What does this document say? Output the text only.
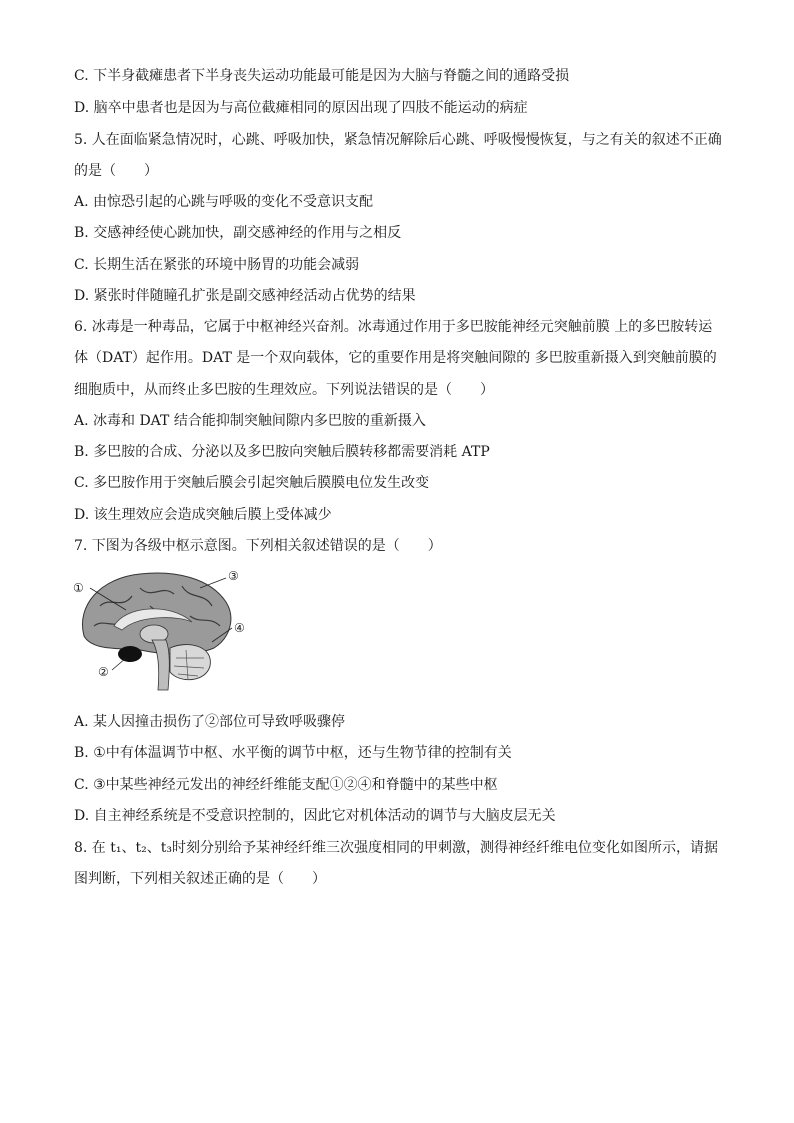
C. 下半身截瘫患者下半身丧失运动功能最可能是因为大脑与脊髓之间的通路受损
D. 脑卒中患者也是因为与高位截瘫相同的原因出现了四肢不能运动的病症
5. 人在面临紧急情况时，心跳、呼吸加快，紧急情况解除后心跳、呼吸慢慢恢复，与之有关的叙述不正确
的是（　　）
A. 由惊恐引起的心跳与呼吸的变化不受意识支配
B. 交感神经使心跳加快，副交感神经的作用与之相反
C. 长期生活在紧张的环境中肠胃的功能会减弱
D. 紧张时伴随瞳孔扩张是副交感神经活动占优势的结果
6. 冰毒是一种毒品，它属于中枢神经兴奋剂。冰毒通过作用于多巴胺能神经元突触前膜 上的多巴胺转运
体（DAT）起作用。DAT 是一个双向载体，它的重要作用是将突触间隙的 多巴胺重新摄入到突触前膜的
细胞质中，从而终止多巴胺的生理效应。下列说法错误的是（　　）
A. 冰毒和 DAT 结合能抑制突触间隙内多巴胺的重新摄入
B. 多巴胺的合成、分泌以及多巴胺向突触后膜转移都需要消耗 ATP
C. 多巴胺作用于突触后膜会引起突触后膜膜电位发生改变
D. 该生理效应会造成突触后膜上受体减少
7. 下图为各级中枢示意图。下列相关叙述错误的是（　　）
①
③
④
②
A. 某人因撞击损伤了②部位可导致呼吸骤停
B. ①中有体温调节中枢、水平衡的调节中枢，还与生物节律的控制有关
C. ③中某些神经元发出的神经纤维能支配①②④和脊髓中的某些中枢
D. 自主神经系统是不受意识控制的，因此它对机体活动的调节与大脑皮层无关
8. 在 t₁、t₂、t₃时刻分别给予某神经纤维三次强度相同的甲刺激，测得神经纤维电位变化如图所示，请据
图判断，下列相关叙述正确的是（　　）
